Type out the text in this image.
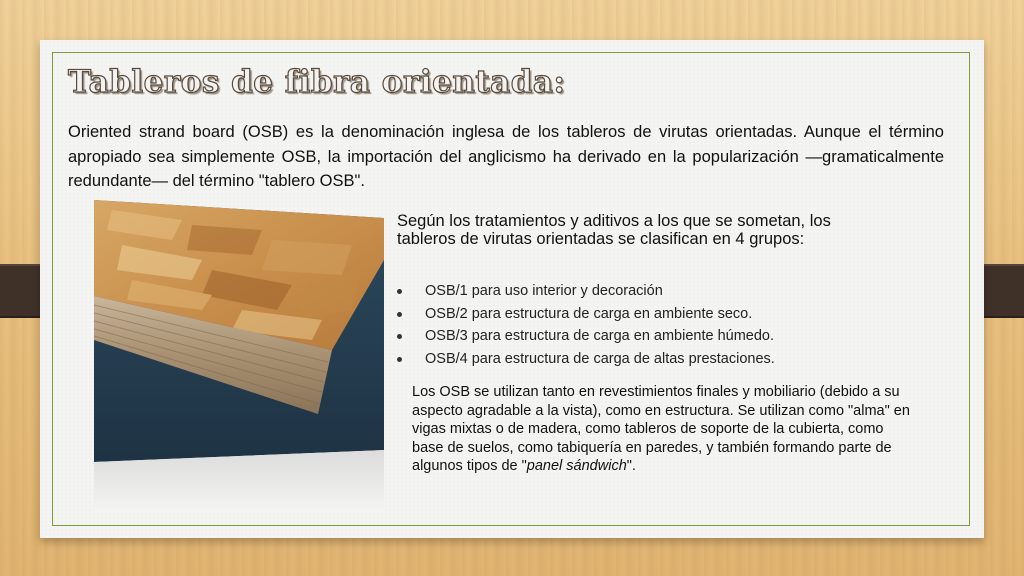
Tableros de fibra orientada:

Oriented strand board (OSB) es la denominación inglesa de los tableros de virutas orientadas. Aunque el término apropiado sea simplemente OSB, la importación del anglicismo ha derivado en la popularización —gramaticalmente redundante— del término "tablero OSB".

Según los tratamientos y aditivos a los que se sometan, los tableros de virutas orientadas se clasifican en 4 grupos:

OSB/1 para uso interior y decoración
OSB/2 para estructura de carga en ambiente seco.
OSB/3 para estructura de carga en ambiente húmedo.
OSB/4 para estructura de carga de altas prestaciones.

Los OSB se utilizan tanto en revestimientos finales y mobiliario (debido a su aspecto agradable a la vista), como en estructura. Se utilizan como "alma" en vigas mixtas o de madera, como tableros de soporte de la cubierta, como base de suelos, como tabiquería en paredes, y también formando parte de algunos tipos de "panel sándwich".
